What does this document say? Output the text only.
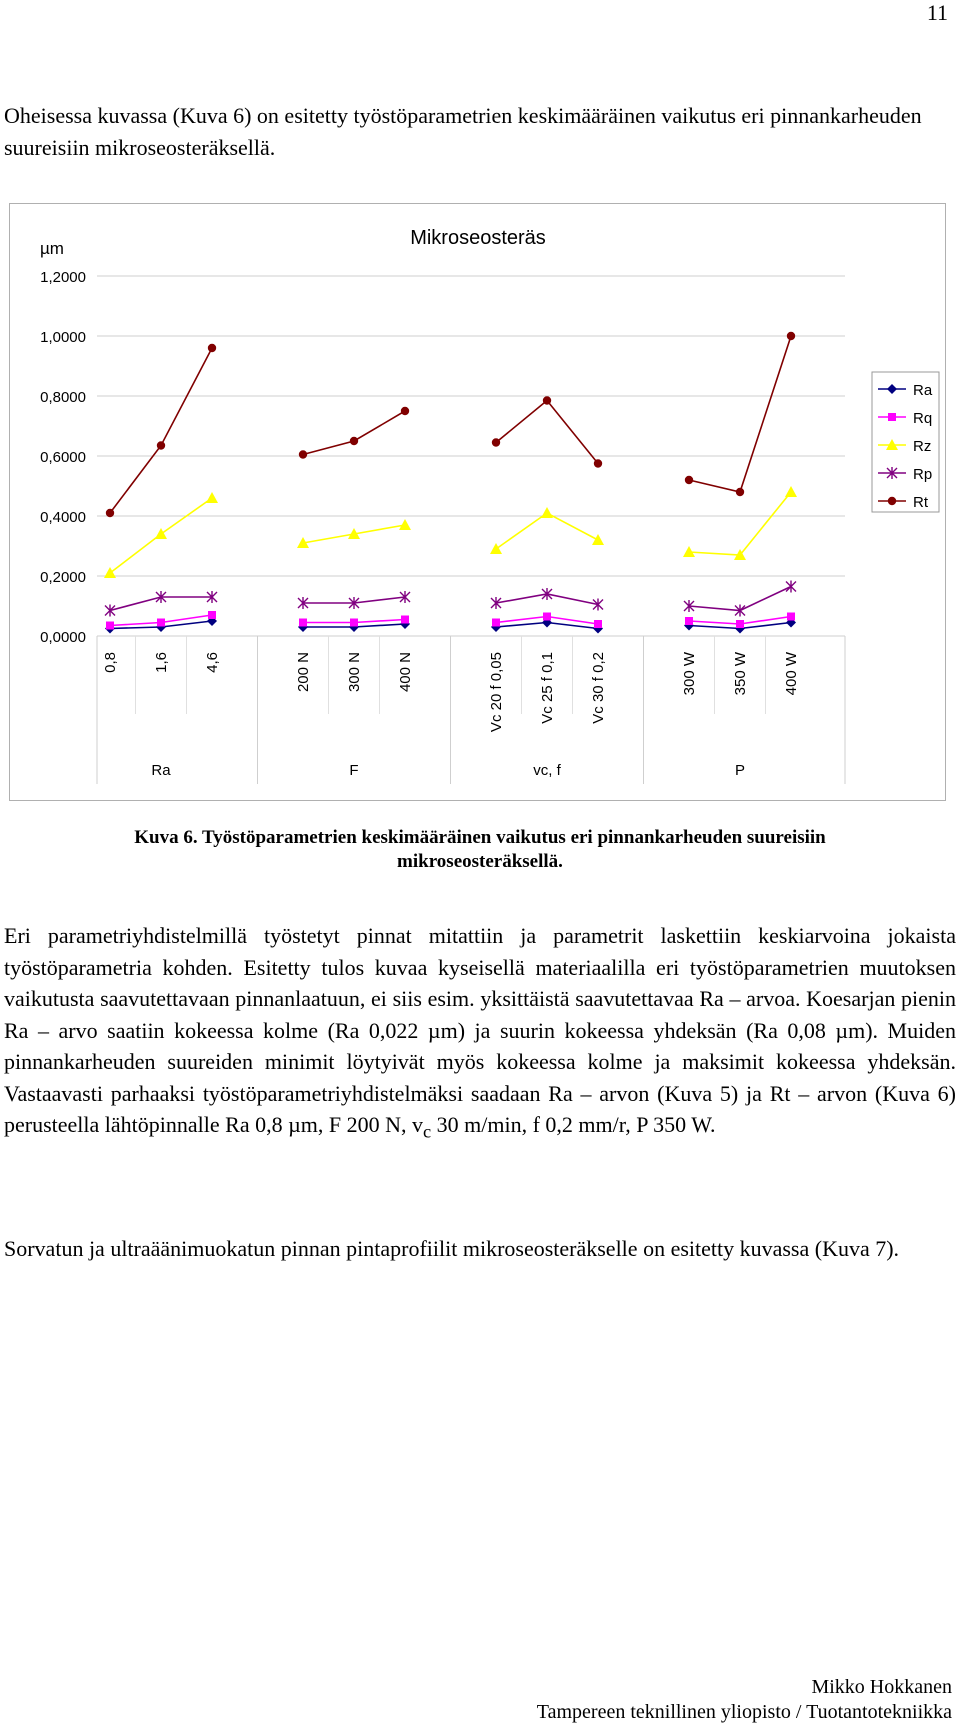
11

Oheisessa kuvassa (Kuva 6) on esitetty työstöparametrien keskimääräinen vaikutus eri pinnankarheuden suureisiin mikroseosteräksellä.

µm	Mikroseosteräs
1,2000
1,0000
0,8000
0,6000
0,4000
0,2000
0,0000
0,8 1,6 4,6	200 N 300 N 400 N	Vc 20 f 0,05 Vc 25 f 0,1 Vc 30 f 0,2	300 W 350 W 400 W
Ra	F	vc, f	P
Ra
Rq
Rz
Rp
Rt

Kuva 6. Työstöparametrien keskimääräinen vaikutus eri pinnankarheuden suureisiin

mikroseosteräksellä.

Eri parametriyhdistelmillä työstetyt pinnat mitattiin ja parametrit laskettiin keskiarvoina jokaista työstöparametria kohden. Esitetty tulos kuvaa kyseisellä materiaalilla eri työstöparametrien muutoksen vaikutusta saavutettavaan pinnanlaatuun, ei siis esim. yksittäistä saavutettavaa Ra – arvoa. Koesarjan pienin Ra – arvo saatiin kokeessa kolme (Ra 0,022 µm) ja suurin kokeessa yhdeksän (Ra 0,08 µm). Muiden pinnankarheuden suureiden minimit löytyivät myös kokeessa kolme ja maksimit kokeessa yhdeksän. Vastaavasti parhaaksi työstöparametriyhdistelmäksi saadaan Ra – arvon (Kuva 5) ja Rt – arvon (Kuva 6) perusteella lähtöpinnalle Ra 0,8 µm, F 200 N, $v_c$ 30 m/min, f 0,2 mm/r, P 350 W.

Sorvatun ja ultraäänimuokatun pinnan pintaprofiilit mikroseosteräkselle on esitetty kuvassa (Kuva 7).

Mikko Hokkanen
Tampereen teknillinen yliopisto / Tuotantotekniikka
